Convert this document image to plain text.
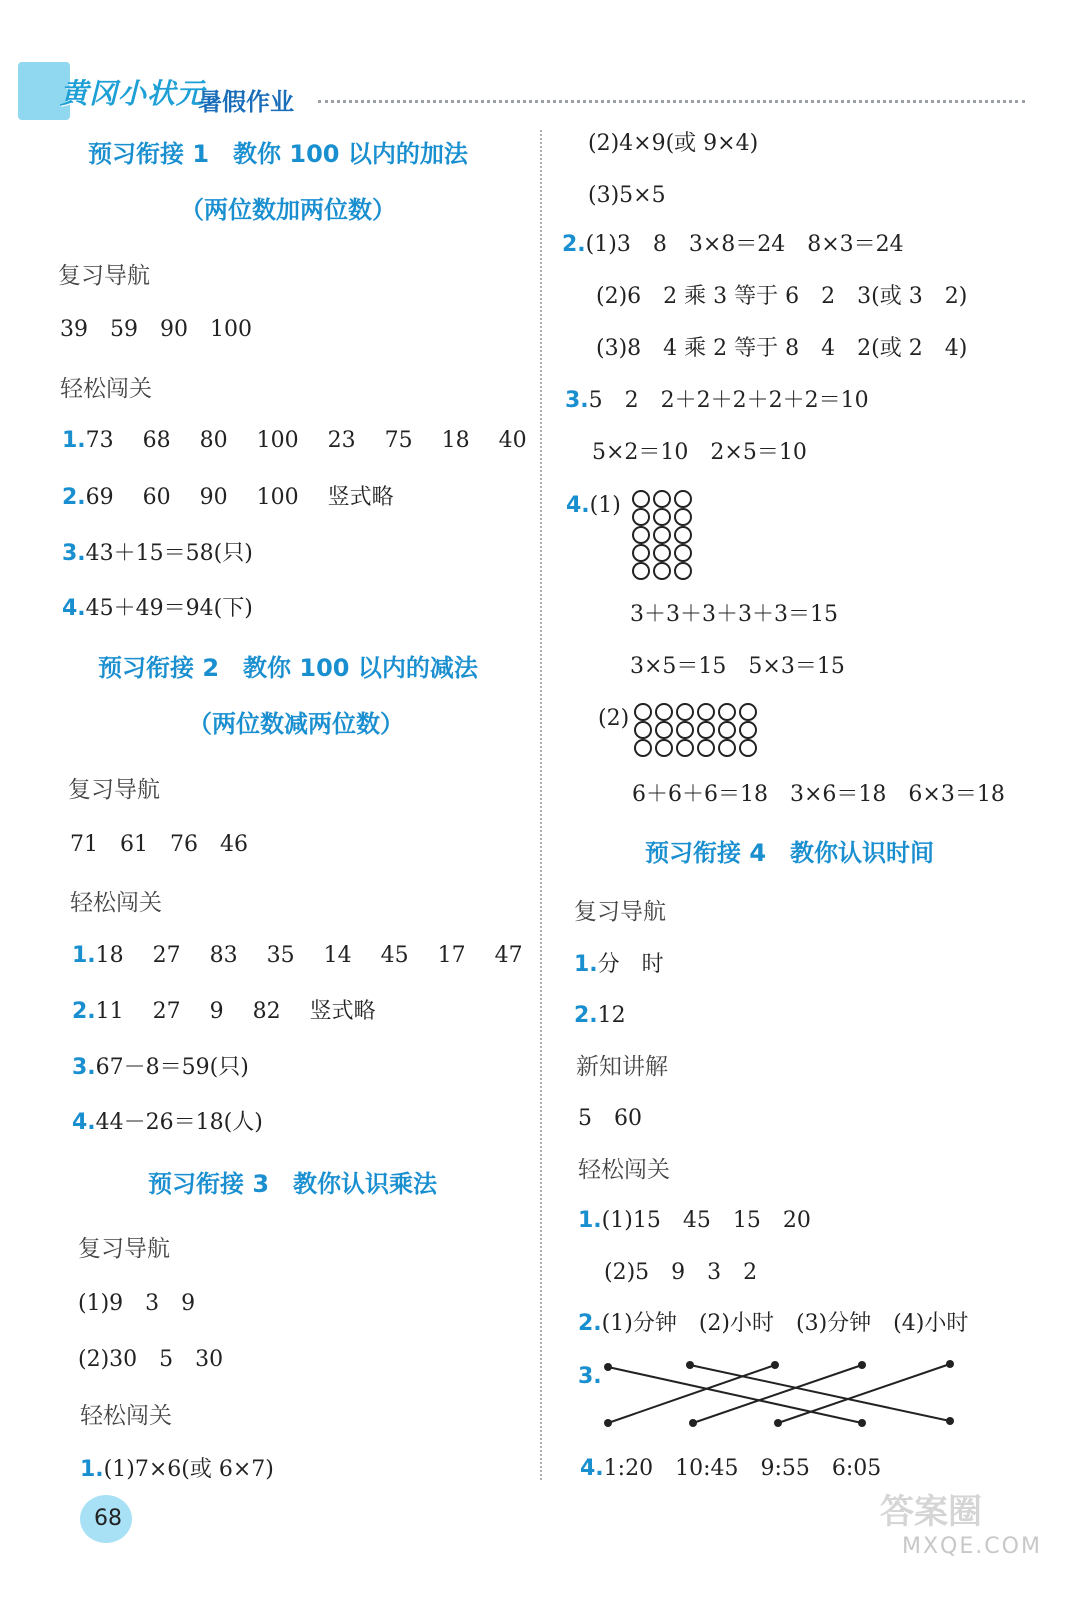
黄冈小状元
暑假作业
预习衔接 1　教你 100 以内的加法
（两位数加两位数）
复习导航
39　59　90　100
轻松闯关
1.73　 68　 80　 100　 23　 75　 18　 40
2.69　 60　 90　 100　 竖式略
3.43＋15＝58(只)
4.45＋49＝94(下)
预习衔接 2　教你 100 以内的减法
（两位数减两位数）
复习导航
71　61　76　46
轻松闯关
1.18　 27　 83　 35　 14　 45　 17　 47
2.11　 27　 9　 82　 竖式略
3.67－8＝59(只)
4.44－26＝18(人)
预习衔接 3　教你认识乘法
复习导航
(1)9　3　9
(2)30　5　30
轻松闯关
1.(1)7×6(或 6×7)
(2)4×9(或 9×4)
(3)5×5
2.(1)3　8　3×8＝24　8×3＝24
(2)6　2 乘 3 等于 6　2　3(或 3　2)
(3)8　4 乘 2 等于 8　4　2(或 2　4)
3.5　2　2＋2＋2＋2＋2＝10
5×2＝10　2×5＝10
4.(1)
3＋3＋3＋3＋3＝15
3×5＝15　5×3＝15
(2)
6＋6＋6＝18　3×6＝18　6×3＝18
预习衔接 4　教你认识时间
复习导航
1.分　时
2.12
新知讲解
5　60
轻松闯关
1.(1)15　45　15　20
(2)5　9　3　2
2.(1)分钟　(2)小时　(3)分钟　(4)小时
3.
4.1:20　10:45　9:55　6:05
68	答案圈
MXQE.COM
